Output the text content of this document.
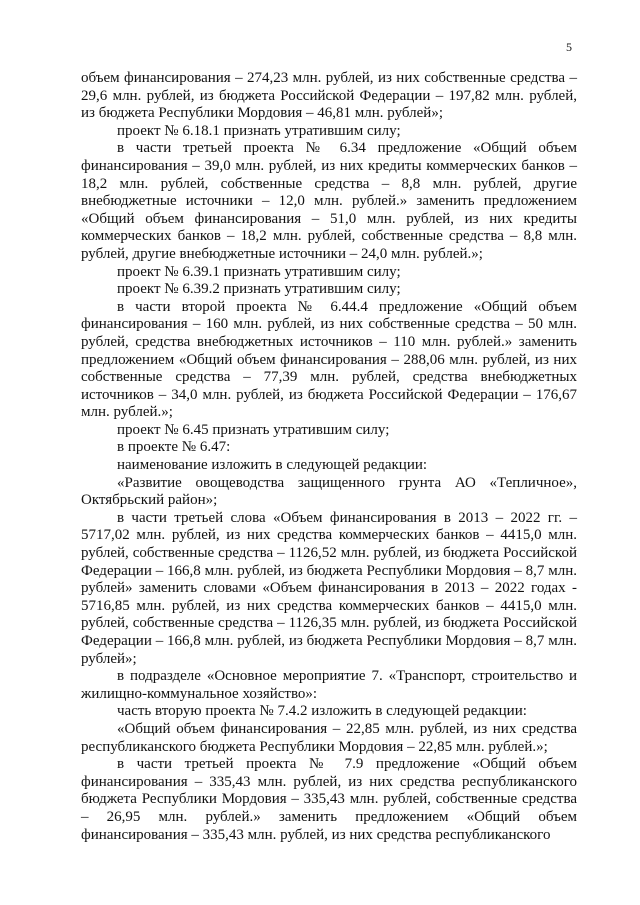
5

объем финансирования – 274,23 млн. рублей, из них собственные средства – 29,6 млн. рублей, из бюджета Российской Федерации – 197,82 млн. рублей, из бюджета Республики Мордовия – 46,81 млн. рублей»;

проект № 6.18.1 признать утратившим силу;

в части третьей проекта № 6.34 предложение «Общий объем финансирования – 39,0 млн. рублей, из них кредиты коммерческих банков – 18,2 млн. рублей, собственные средства – 8,8 млн. рублей, другие внебюджетные источники – 12,0 млн. рублей.» заменить предложением «Общий объем финансирования – 51,0 млн. рублей, из них кредиты коммерческих банков – 18,2 млн. рублей, собственные средства – 8,8 млн. рублей, другие внебюджетные источники – 24,0 млн. рублей.»;

проект № 6.39.1 признать утратившим силу;

проект № 6.39.2 признать утратившим силу;

в части второй проекта № 6.44.4 предложение «Общий объем финансирования – 160 млн. рублей, из них собственные средства – 50 млн. рублей, средства внебюджетных источников – 110 млн. рублей.» заменить предложением «Общий объем финансирования – 288,06 млн. рублей, из них собственные средства – 77,39 млн. рублей, средства внебюджетных источников – 34,0 млн. рублей, из бюджета Российской Федерации – 176,67 млн. рублей.»;

проект № 6.45 признать утратившим силу;

в проекте № 6.47:

наименование изложить в следующей редакции:

«Развитие овощеводства защищенного грунта АО «Тепличное», Октябрьский район»;

в части третьей слова «Объем финансирования в 2013 – 2022 гг. – 5717,02 млн. рублей, из них средства коммерческих банков – 4415,0 млн. рублей, собственные средства – 1126,52 млн. рублей, из бюджета Российской Федерации – 166,8 млн. рублей, из бюджета Республики Мордовия – 8,7 млн. рублей» заменить словами «Объем финансирования в 2013 – 2022 годах - 5716,85 млн. рублей, из них средства коммерческих банков – 4415,0 млн. рублей, собственные средства – 1126,35 млн. рублей, из бюджета Российской Федерации – 166,8 млн. рублей, из бюджета Республики Мордовия – 8,7 млн. рублей»;

в подразделе «Основное мероприятие 7. «Транспорт, строительство и жилищно-коммунальное хозяйство»:

часть вторую проекта № 7.4.2 изложить в следующей редакции:

«Общий объем финансирования – 22,85 млн. рублей, из них средства республиканского бюджета Республики Мордовия – 22,85 млн. рублей.»;

в части третьей проекта № 7.9 предложение «Общий объем финансирования – 335,43 млн. рублей, из них средства республиканского бюджета Республики Мордовия – 335,43 млн. рублей, собственные средства – 26,95 млн. рублей.» заменить предложением «Общий объем финансирования – 335,43 млн. рублей, из них средства республиканского
